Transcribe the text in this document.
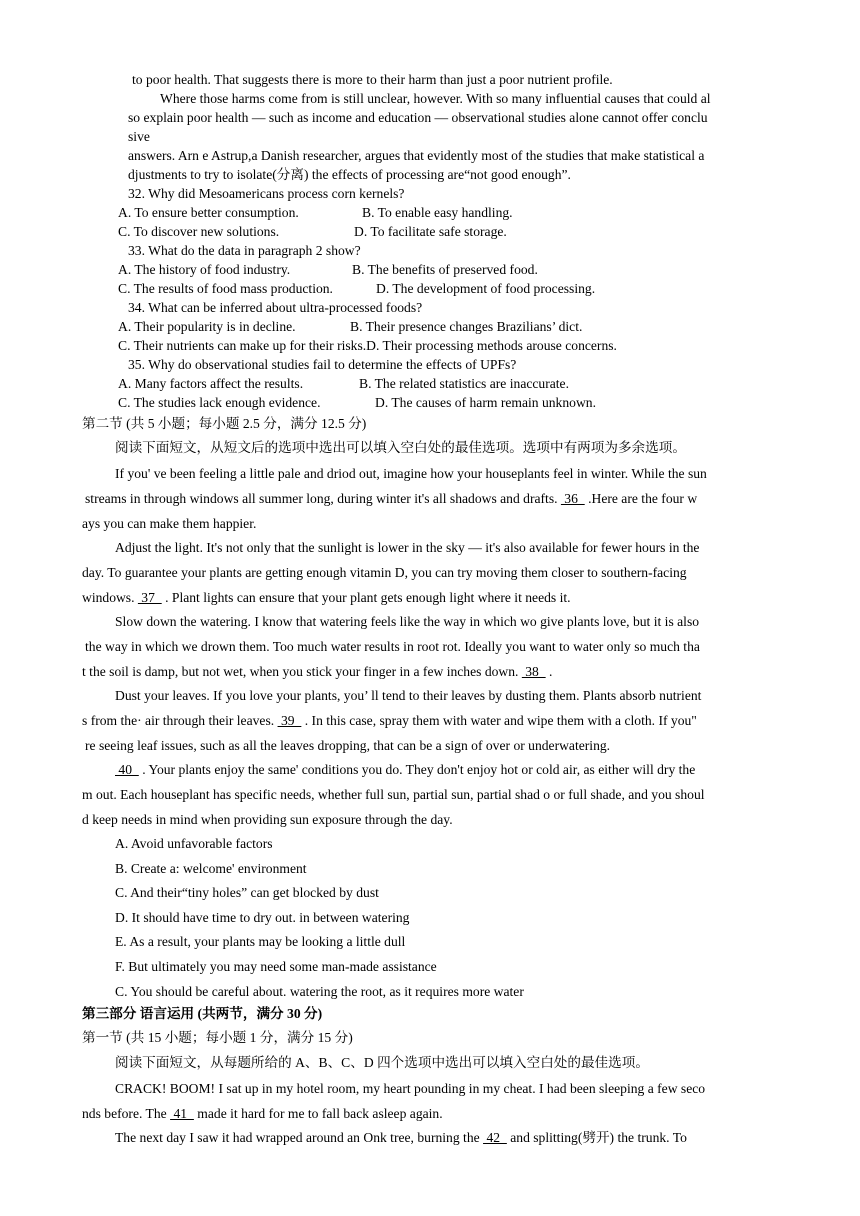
to poor health. That suggests there is more to their harm than just a poor nutrient profile.
Where those harms come from is still unclear, however. With so many influential causes that could al
so explain poor health — such as income and education — observational studies alone cannot offer conclu
sive
answers. Arn e Astrup,a Danish researcher, argues that evidently most of the studies that make statistical a
djustments to try to isolate(分离) the effects of processing are“not good enough”.
32. Why did Mesoamericans process corn kernels?
A. To ensure better consumption.	B. To enable easy handling.
C. To discover new solutions.	D. To facilitate safe storage.
33. What do the data in paragraph 2 show?
A. The history of food industry.	B. The benefits of preserved food.
C. The results of food mass production.	D. The development of food processing.
34. What can be inferred about ultra-processed foods?
A. Their popularity is in decline.	B. Their presence changes Brazilians’ dict.
C. Their nutrients can make up for their risks.D. Their processing methods arouse concerns.
35. Why do observational studies fail to determine the effects of UPFs?
A. Many factors affect the results.	B. The related statistics are inaccurate.
C. The studies lack enough evidence.	D. The causes of harm remain unknown.
第二节 (共 5 小题；每小题 2.5 分，满分 12.5 分)
阅读下面短文，从短文后的选项中选出可以填入空白处的最佳选项。选项中有两项为多余选项。
If you' ve been feeling a little pale and driod out, imagine how your houseplants feel in winter. While the sun
streams in through windows all summer long, during winter it's all shadows and drafts.  36   .Here are the four w
ays you can make them happier.
Adjust the light. It's not only that the sunlight is lower in the sky — it's also available for fewer hours in the
day. To guarantee your plants are getting enough vitamin D, you can try moving them closer to southern-facing
windows.  37   . Plant lights can ensure that your plant gets enough light where it needs it.
Slow down the watering. I know that watering feels like the way in which wo give plants love, but it is also
the way in which we drown them. Too much water results in root rot. Ideally you want to water only so much tha
t the soil is damp, but not wet, when you stick your finger in a few inches down.  38   .
Dust your leaves. If you love your plants, you’ ll tend to their leaves by dusting them. Plants absorb nutrient
s from the· air through their leaves.  39   . In this case, spray them with water and wipe them with a cloth. If you"
re seeing leaf issues, such as all the leaves dropping, that can be a sign of over or underwatering.
40   . Your plants enjoy the same' conditions you do. They don't enjoy hot or cold air, as either will dry the
m out. Each houseplant has specific needs, whether full sun, partial sun, partial shad o or full shade, and you shoul
d keep needs in mind when providing sun exposure through the day.
A. Avoid unfavorable factors
B. Create a: welcome' environment
C. And their“tiny holes” can get blocked by dust
D. It should have time to dry out. in between watering
E. As a result, your plants may be looking a little dull
F. But ultimately you may need some man-made assistance
C. You should be careful about. watering the root, as it requires more water
第三部分 语言运用 (共两节，满分 30 分)
第一节 (共 15 小题；每小题 1 分，满分 15 分)
阅读下面短文，从每题所给的 A、B、C、D 四个选项中选出可以填入空白处的最佳选项。
CRACK! BOOM! I sat up in my hotel room, my heart pounding in my cheat. I had been sleeping a few seco
nds before. The  41   made it hard for me to fall back asleep again.
The next day I saw it had wrapped around an Onk tree, burning the  42   and splitting(劈开) the trunk. To
